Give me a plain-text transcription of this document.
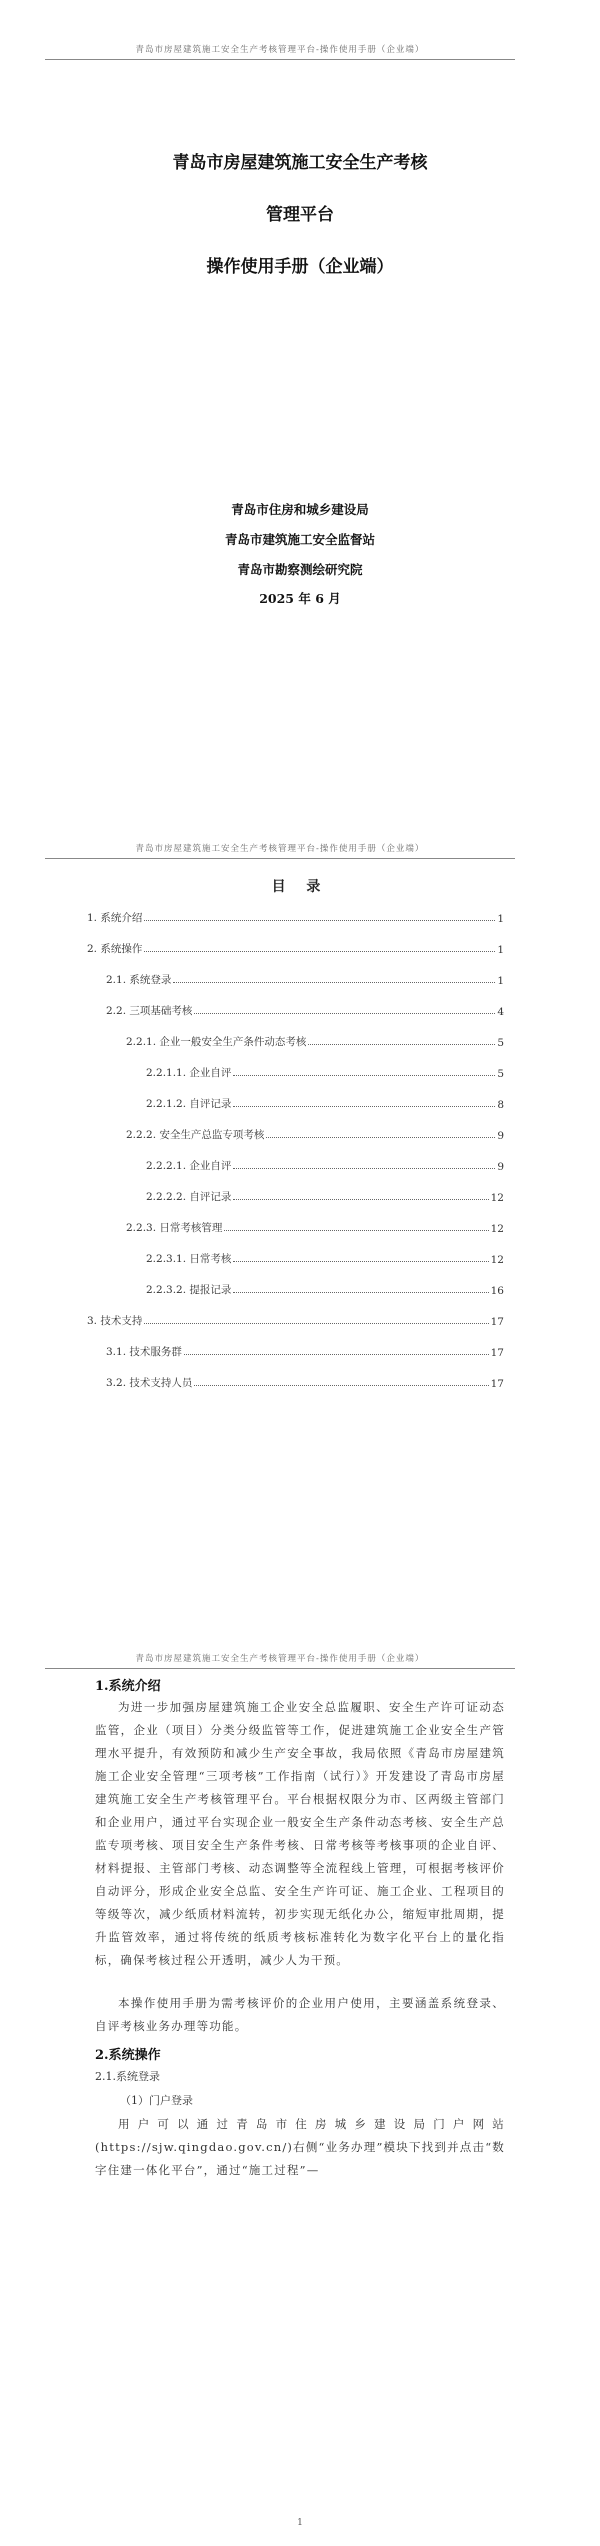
青岛市房屋建筑施工安全生产考核管理平台-操作使用手册（企业端）
青岛市房屋建筑施工安全生产考核
管理平台
操作使用手册（企业端）
青岛市住房和城乡建设局
青岛市建筑施工安全监督站
青岛市勘察测绘研究院
2025 年 6 月
青岛市房屋建筑施工安全生产考核管理平台-操作使用手册（企业端）
目 录
1. 系统介绍	1
2. 系统操作	1
2.1. 系统登录	1
2.2. 三项基础考核	4
2.2.1. 企业一般安全生产条件动态考核	5
2.2.1.1. 企业自评	5
2.2.1.2. 自评记录	8
2.2.2. 安全生产总监专项考核	9
2.2.2.1. 企业自评	9
2.2.2.2. 自评记录	12
2.2.3. 日常考核管理	12
2.2.3.1. 日常考核	12
2.2.3.2. 提报记录	16
3. 技术支持	17
3.1. 技术服务群	17
3.2. 技术支持人员	17
青岛市房屋建筑施工安全生产考核管理平台-操作使用手册（企业端）
1.系统介绍

为进一步加强房屋建筑施工企业安全总监履职、安全生产许可证动态监管，企业（项目）分类分级监管等工作，促进建筑施工企业安全生产管理水平提升，有效预防和减少生产安全事故，我局依照《青岛市房屋建筑施工企业安全管理“三项考核”工作指南（试行）》开发建设了青岛市房屋建筑施工安全生产考核管理平台。平台根据权限分为市、区两级主管部门和企业用户，通过平台实现企业一般安全生产条件动态考核、安全生产总监专项考核、项目安全生产条件考核、日常考核等考核事项的企业自评、材料提报、主管部门考核、动态调整等全流程线上管理，可根据考核评价自动评分，形成企业安全总监、安全生产许可证、施工企业、工程项目的等级等次，减少纸质材料流转，初步实现无纸化办公，缩短审批周期，提升监管效率，通过将传统的纸质考核标准转化为数字化平台上的量化指标，确保考核过程公开透明，减少人为干预。

本操作使用手册为需考核评价的企业用户使用，主要涵盖系统登录、自评考核业务办理等功能。

2.系统操作
2.1.系统登录
（1）门户登录

用户可以通过青岛市住房城乡建设局门户网站(https://sjw.qingdao.gov.cn/)右侧“业务办理”模块下找到并点击“数字住建一体化平台”，通过“施工过程”—

1
